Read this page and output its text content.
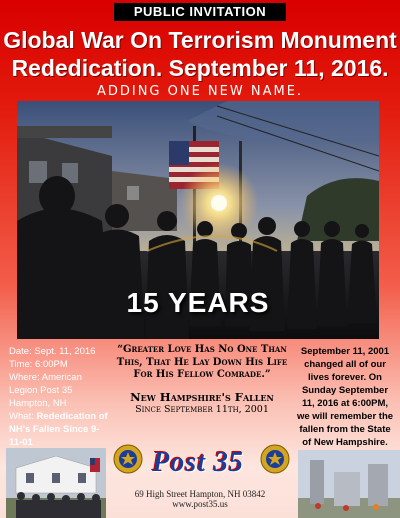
PUBLIC INVITATION
Global War On Terrorism Monument
Rededication. September 11, 2016.
ADDING ONE NEW NAME.
15 YEARS
Date: Sept. 11, 2016
Time: 6:00PM
Where: American Legion Post 35
Hampton, NH
What: Rededication of NH's Fallen Since 9-11-01
“Greater Love Has No One Than This, That He Lay Down His Life For His Fellow Comrade.”
New Hampshire's Fallen
Since September 11th, 2001
September 11, 2001 changed all of our lives forever. On Sunday September 11, 2016 at 6:00PM, we will remember the fallen from the State of New Hampshire.
Post 35
69 High Street Hampton, NH 03842
www.post35.us
